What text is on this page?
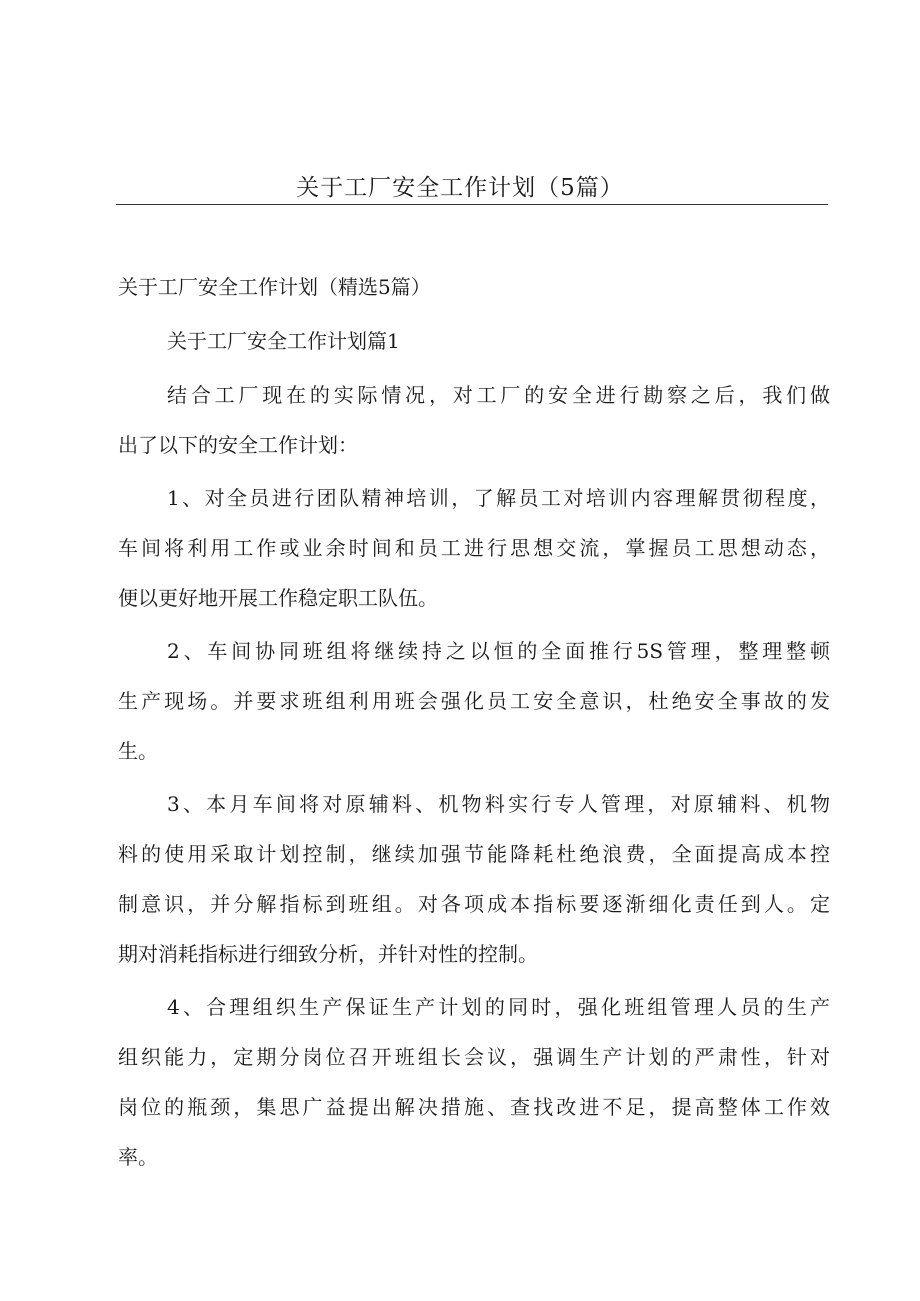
关于工厂安全工作计划（5篇）

关于工厂安全工作计划（精选5篇）

关于工厂安全工作计划篇1

结合工厂现在的实际情况，对工厂的安全进行勘察之后，我们做

出了以下的安全工作计划：

1、对全员进行团队精神培训，了解员工对培训内容理解贯彻程度，

车间将利用工作或业余时间和员工进行思想交流，掌握员工思想动态，

便以更好地开展工作稳定职工队伍。

2、车间协同班组将继续持之以恒的全面推行5S管理，整理整顿

生产现场。并要求班组利用班会强化员工安全意识，杜绝安全事故的发

生。

3、本月车间将对原辅料、机物料实行专人管理，对原辅料、机物

料的使用采取计划控制，继续加强节能降耗杜绝浪费，全面提高成本控

制意识，并分解指标到班组。对各项成本指标要逐渐细化责任到人。定

期对消耗指标进行细致分析，并针对性的控制。

4、合理组织生产保证生产计划的同时，强化班组管理人员的生产

组织能力，定期分岗位召开班组长会议，强调生产计划的严肃性，针对

岗位的瓶颈，集思广益提出解决措施、查找改进不足，提高整体工作效

率。
